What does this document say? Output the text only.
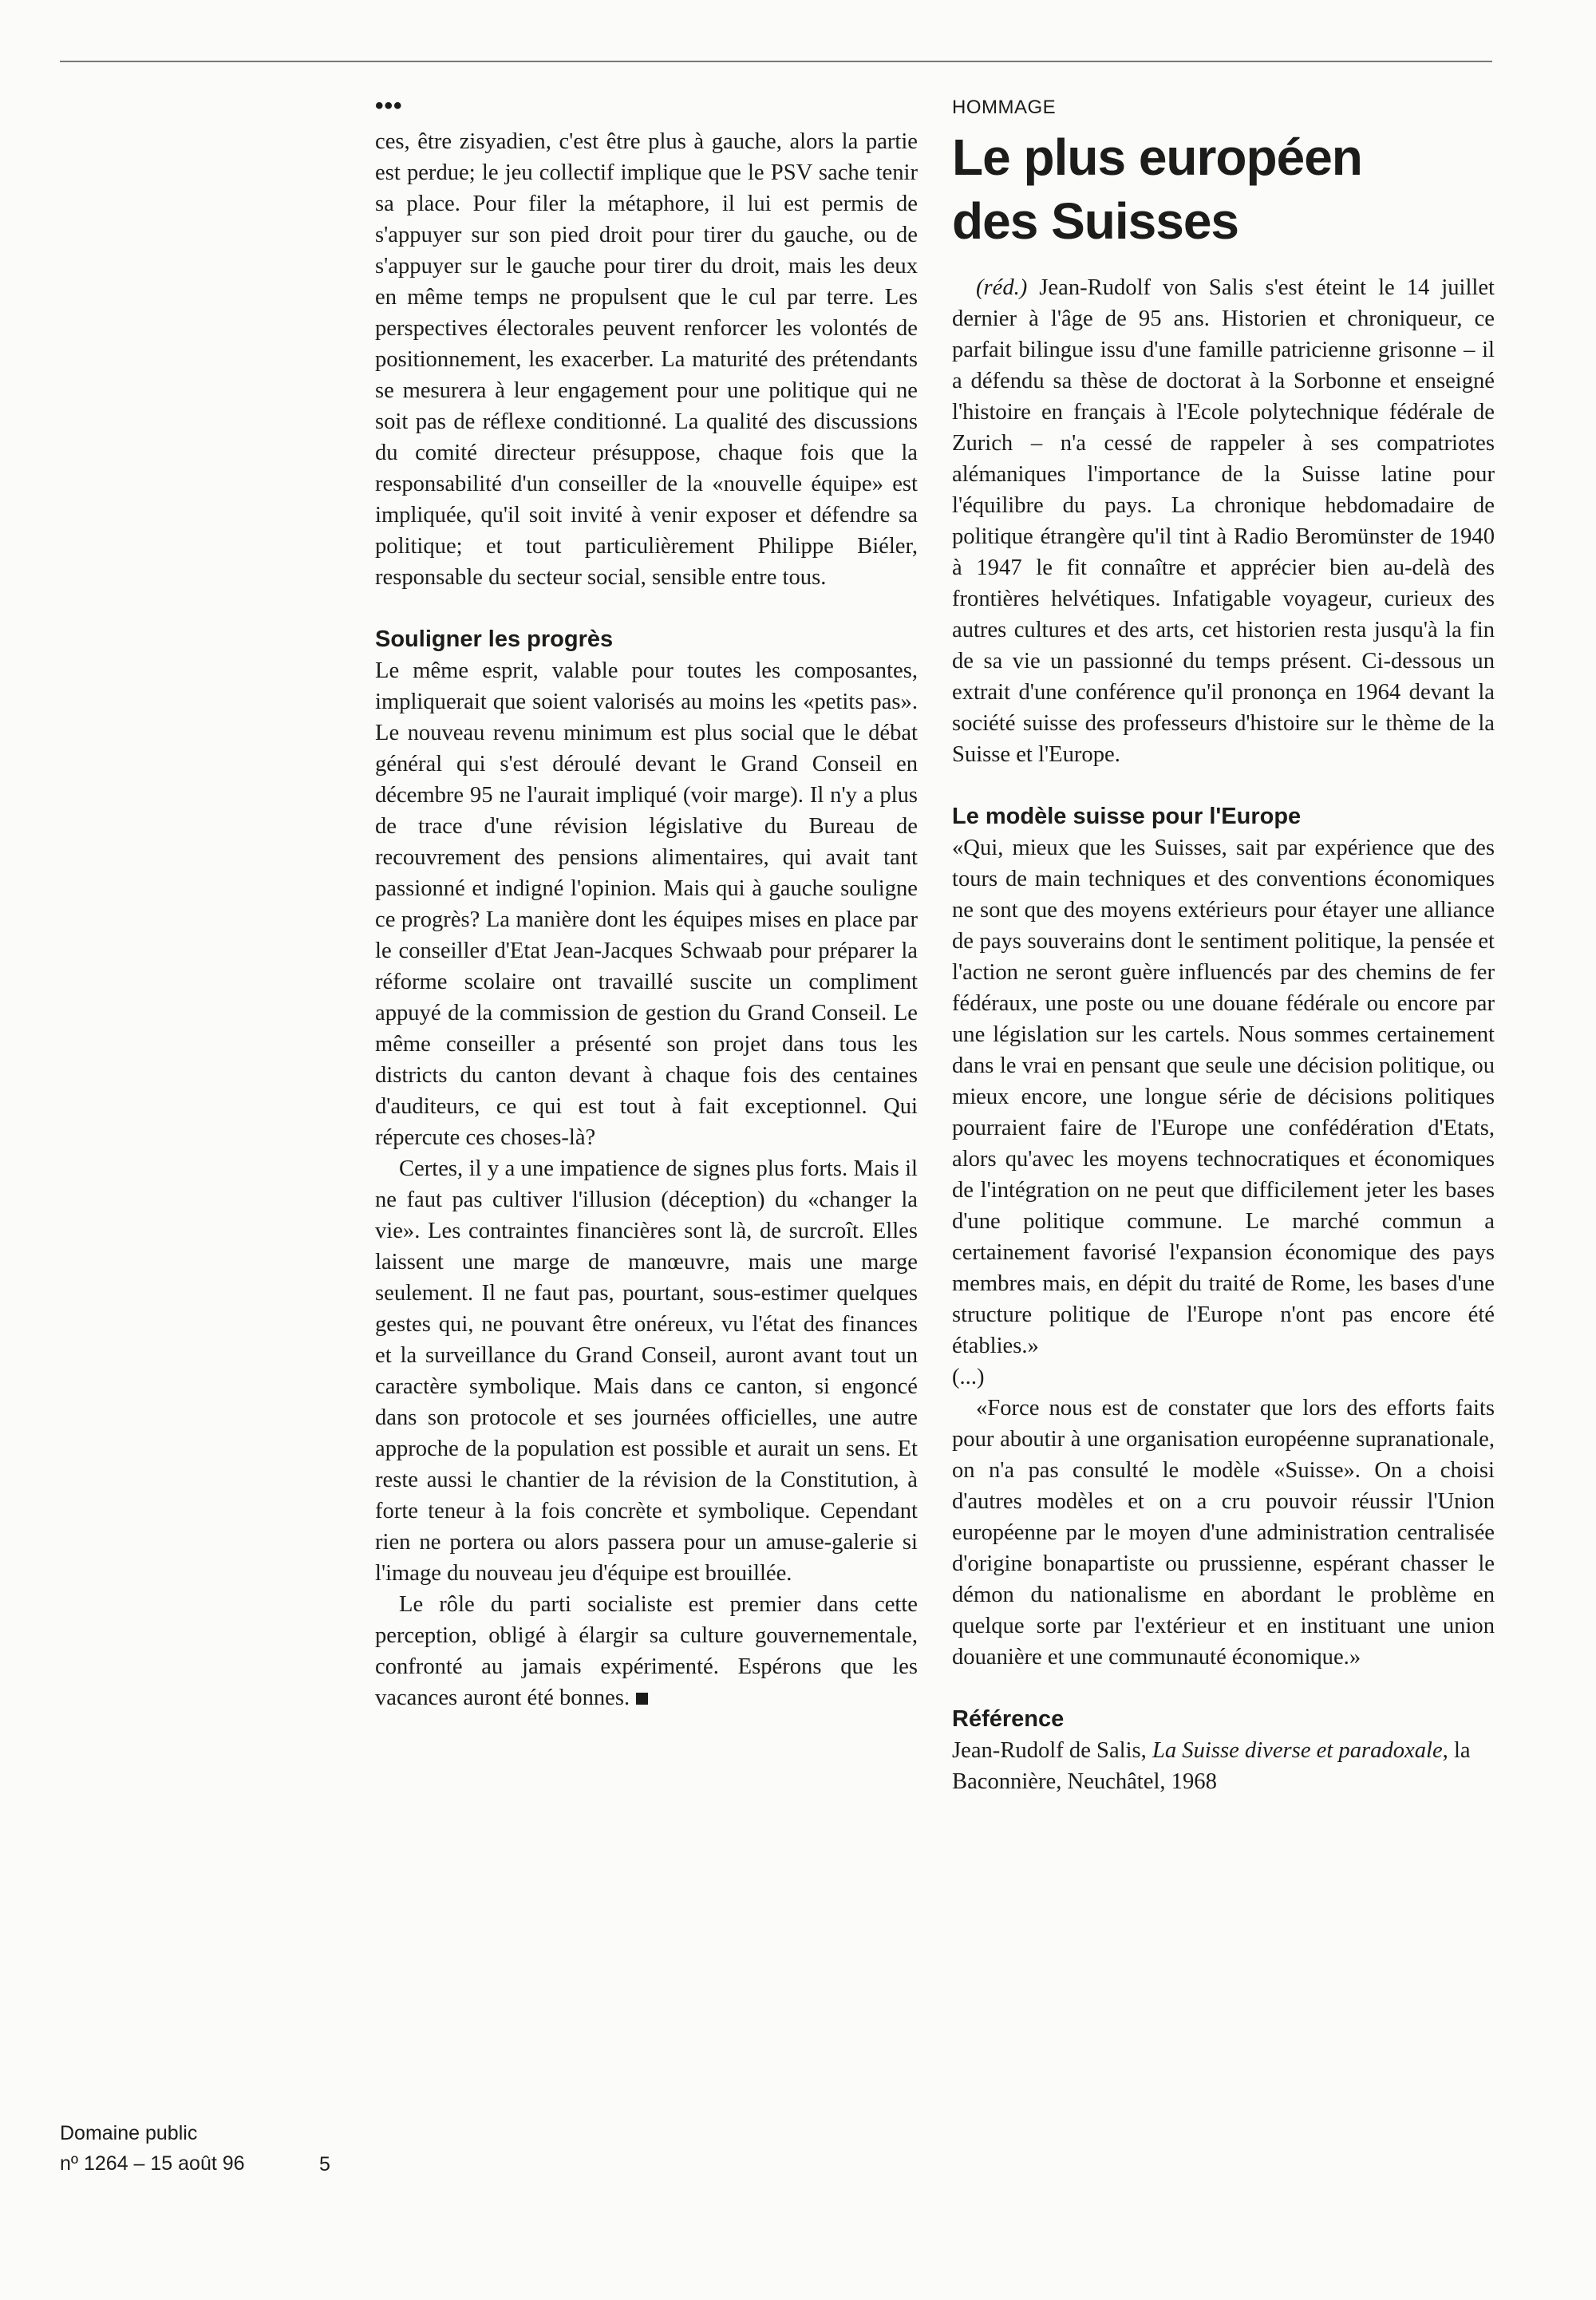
•••

ces, être zisyadien, c'est être plus à gauche, alors la partie est perdue; le jeu collectif implique que le PSV sache tenir sa place. Pour filer la métaphore, il lui est permis de s'appuyer sur son pied droit pour tirer du gauche, ou de s'appuyer sur le gauche pour tirer du droit, mais les deux en même temps ne propulsent que le cul par terre. Les perspectives électorales peuvent renforcer les volontés de positionnement, les exacerber. La maturité des prétendants se mesurera à leur engagement pour une politique qui ne soit pas de réflexe conditionné. La qualité des discussions du comité directeur présuppose, chaque fois que la responsabilité d'un conseiller de la «nouvelle équipe» est impliquée, qu'il soit invité à venir exposer et défendre sa politique; et tout particulièrement Philippe Biéler, responsable du secteur social, sensible entre tous.

Souligner les progrès

Le même esprit, valable pour toutes les composantes, impliquerait que soient valorisés au moins les «petits pas». Le nouveau revenu minimum est plus social que le débat général qui s'est déroulé devant le Grand Conseil en décembre 95 ne l'aurait impliqué (voir marge). Il n'y a plus de trace d'une révision législative du Bureau de recouvrement des pensions alimentaires, qui avait tant passionné et indigné l'opinion. Mais qui à gauche souligne ce progrès? La manière dont les équipes mises en place par le conseiller d'Etat Jean-Jacques Schwaab pour préparer la réforme scolaire ont travaillé suscite un compliment appuyé de la commission de gestion du Grand Conseil. Le même conseiller a présenté son projet dans tous les districts du canton devant à chaque fois des centaines d'auditeurs, ce qui est tout à fait exceptionnel. Qui répercute ces choses-là?

Certes, il y a une impatience de signes plus forts. Mais il ne faut pas cultiver l'illusion (déception) du «changer la vie». Les contraintes financières sont là, de surcroît. Elles laissent une marge de manœuvre, mais une marge seulement. Il ne faut pas, pourtant, sous-estimer quelques gestes qui, ne pouvant être onéreux, vu l'état des finances et la surveillance du Grand Conseil, auront avant tout un caractère symbolique. Mais dans ce canton, si engoncé dans son protocole et ses journées officielles, une autre approche de la population est possible et aurait un sens. Et reste aussi le chantier de la révision de la Constitution, à forte teneur à la fois concrète et symbolique. Cependant rien ne portera ou alors passera pour un amuse-galerie si l'image du nouveau jeu d'équipe est brouillée.

Le rôle du parti socialiste est premier dans cette perception, obligé à élargir sa culture gouvernementale, confronté au jamais expérimenté. Espérons que les vacances auront été bonnes.

HOMMAGE
Le plus européen
des Suisses

(réd.) Jean-Rudolf von Salis s'est éteint le 14 juillet dernier à l'âge de 95 ans. Historien et chroniqueur, ce parfait bilingue issu d'une famille patricienne grisonne – il a défendu sa thèse de doctorat à la Sorbonne et enseigné l'histoire en français à l'Ecole polytechnique fédérale de Zurich – n'a cessé de rappeler à ses compatriotes alémaniques l'importance de la Suisse latine pour l'équilibre du pays. La chronique hebdomadaire de politique étrangère qu'il tint à Radio Beromünster de 1940 à 1947 le fit connaître et apprécier bien au-delà des frontières helvétiques. Infatigable voyageur, curieux des autres cultures et des arts, cet historien resta jusqu'à la fin de sa vie un passionné du temps présent. Ci-dessous un extrait d'une conférence qu'il prononça en 1964 devant la société suisse des professeurs d'histoire sur le thème de la Suisse et l'Europe.

Le modèle suisse pour l'Europe

«Qui, mieux que les Suisses, sait par expérience que des tours de main techniques et des conventions économiques ne sont que des moyens extérieurs pour étayer une alliance de pays souverains dont le sentiment politique, la pensée et l'action ne seront guère influencés par des chemins de fer fédéraux, une poste ou une douane fédérale ou encore par une législation sur les cartels. Nous sommes certainement dans le vrai en pensant que seule une décision politique, ou mieux encore, une longue série de décisions politiques pourraient faire de l'Europe une confédération d'Etats, alors qu'avec les moyens technocratiques et économiques de l'intégration on ne peut que difficilement jeter les bases d'une politique commune. Le marché commun a certainement favorisé l'expansion économique des pays membres mais, en dépit du traité de Rome, les bases d'une structure politique de l'Europe n'ont pas encore été établies.»

(...)

«Force nous est de constater que lors des efforts faits pour aboutir à une organisation européenne supranationale, on n'a pas consulté le modèle «Suisse». On a choisi d'autres modèles et on a cru pouvoir réussir l'Union européenne par le moyen d'une administration centralisée d'origine bonapartiste ou prussienne, espérant chasser le démon du nationalisme en abordant le problème en quelque sorte par l'extérieur et en instituant une union douanière et une communauté économique.»

Référence

Jean-Rudolf de Salis, La Suisse diverse et paradoxale, la Baconnière, Neuchâtel, 1968

Domaine public
nº 1264 – 15 août 96	5
